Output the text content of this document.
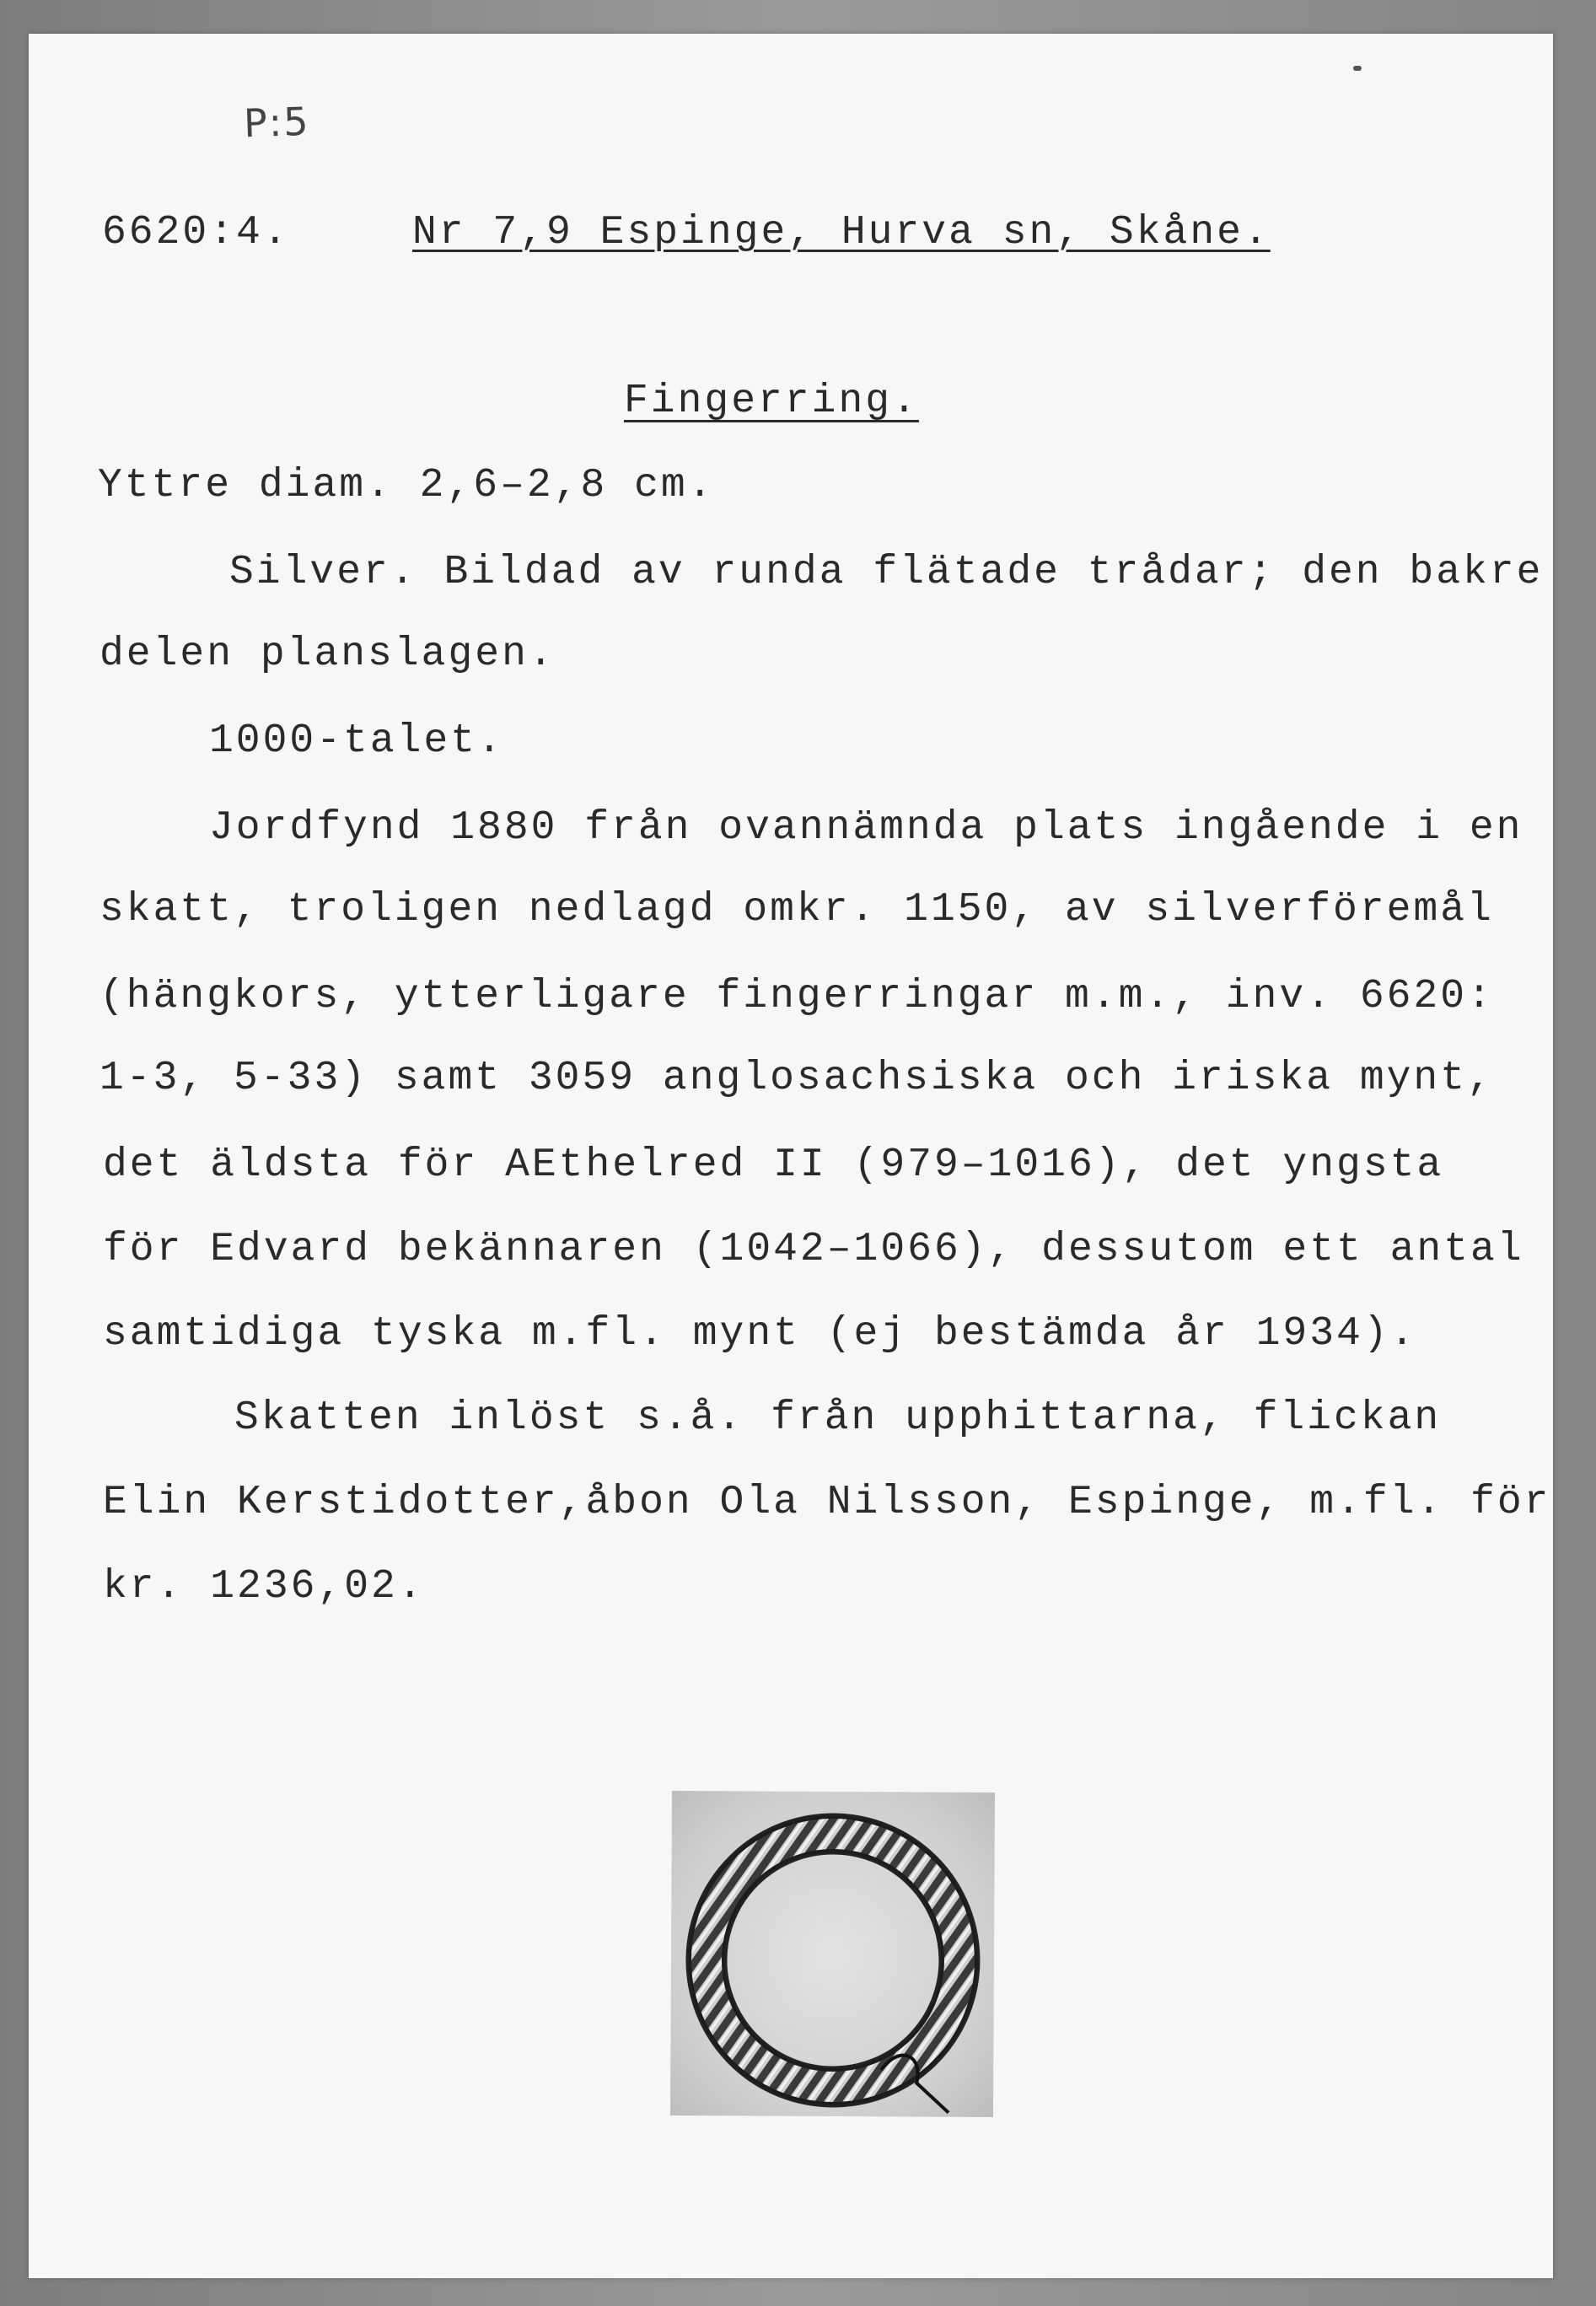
P:5
6620:4.	Nr 7,9 Espinge, Hurva sn, Skåne.
Fingerring.
Yttre diam. 2,6–2,8 cm.
Silver. Bildad av runda flätade trådar; den bakre
delen planslagen.
1000-talet.
Jordfynd 1880 från ovannämnda plats ingående i en
skatt, troligen nedlagd omkr. 1150, av silverföremål
(hängkors, ytterligare fingerringar m.m., inv. 6620:
1-3, 5-33) samt 3059 anglosachsiska och iriska mynt,
det äldsta för AEthelred II (979–1016), det yngsta
för Edvard bekännaren (1042–1066), dessutom ett antal
samtidiga tyska m.fl. mynt (ej bestämda år 1934).
Skatten inlöst s.å. från upphittarna, flickan
Elin Kerstidotter,åbon Ola Nilsson, Espinge, m.fl. för
kr. 1236,02.
